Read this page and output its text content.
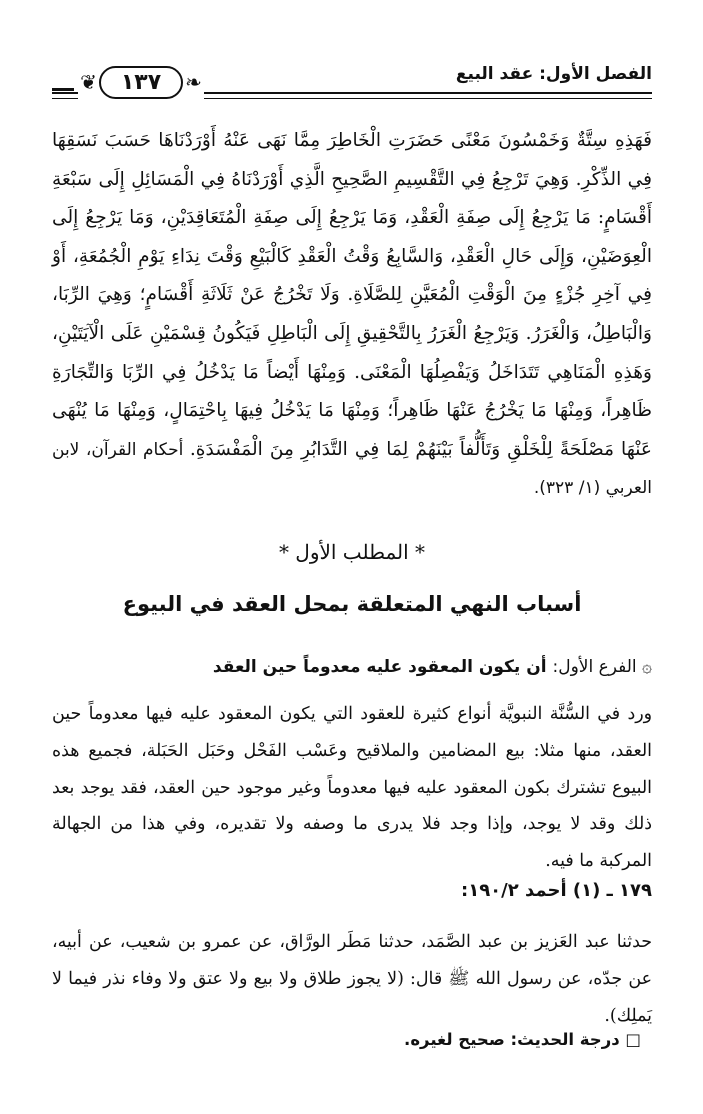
❦	١٣٧	❧	الفصل الأول: عقد البيع
فَهَذِهِ سِتَّةٌ وَخَمْسُونَ مَعْنًى حَضَرَتِ الْخَاطِرَ مِمَّا نَهَى عَنْهُ أَوْرَدْنَاهَا حَسَبَ نَسَقِهَا فِي الذِّكْرِ. وَهِيَ تَرْجِعُ فِي التَّقْسِيمِ الصَّحِيحِ الَّذِي أَوْرَدْنَاهُ فِي الْمَسَائِلِ إِلَى سَبْعَةِ أَقْسَامٍ: مَا يَرْجِعُ إِلَى صِفَةِ الْعَقْدِ، وَمَا يَرْجِعُ إِلَى صِفَةِ الْمُتَعَاقِدَيْنِ، وَمَا يَرْجِعُ إِلَى الْعِوَضَيْنِ، وَإِلَى حَالِ الْعَقْدِ، وَالسَّابِعُ وَقْتُ الْعَقْدِ كَالْبَيْعِ وَقْتَ نِدَاءِ يَوْمِ الْجُمُعَةِ، أَوْ فِي آخِرِ جُزْءٍ مِنَ الْوَقْتِ الْمُعَيَّنِ لِلصَّلَاةِ. وَلَا تَخْرُجُ عَنْ ثَلَاثَةِ أَقْسَامٍ؛ وَهِيَ الرِّبَا، وَالْبَاطِلُ، وَالْغَرَرُ. وَيَرْجِعُ الْغَرَرُ بِالتَّحْقِيقِ إِلَى الْبَاطِلِ فَيَكُونُ قِسْمَيْنِ عَلَى الْآيَتَيْنِ، وَهَذِهِ الْمَنَاهِي تَتَدَاخَلُ وَيَفْصِلُهَا الْمَعْنَى. وَمِنْهَا أَيْضاً مَا يَدْخُلُ فِي الرِّبَا وَالتِّجَارَةِ ظَاهِراً، وَمِنْهَا مَا يَخْرُجُ عَنْهَا ظَاهِراً؛ وَمِنْهَا مَا يَدْخُلُ فِيهَا بِاحْتِمَالٍ، وَمِنْهَا مَا يُنْهَى عَنْهَا مَصْلَحَةً لِلْخَلْقِ وَتَأَلُّفاً بَيْنَهُمْ لِمَا فِي التَّدَابُرِ مِنَ الْمَفْسَدَةِ. أحكام القرآن، لابن العربي (١/ ٣٢٣).
* المطلب الأول *
أسباب النهي المتعلقة بمحل العقد في البيوع
۞ الفرع الأول: أن يكون المعقود عليه معدوماً حين العقد
ورد في السُّنَّة النبويَّة أنواع كثيرة للعقود التي يكون المعقود عليه فيها معدوماً حين العقد، منها مثلا: بيع المضامين والملاقيح وعَسْب الفَحْل وحَبَل الحَبَلة، فجميع هذه البيوع تشترك بكون المعقود عليه فيها معدوماً وغير موجود حين العقد، فقد يوجد بعد ذلك وقد لا يوجد، وإذا وجد فلا يدرى ما وصفه ولا تقديره، وفي هذا من الجهالة المركبة ما فيه.
١٧٩ ـ (١) أحمد ١٩٠/٢:
حدثنا عبد العَزيز بن عبد الصَّمَد، حدثنا مَطَر الورَّاق، عن عمرو بن شعيب، عن أبيه، عن جدّه، عن رسول الله ﷺ قال: (لا يجوز طلاق ولا بيع ولا عتق ولا وفاء نذر فيما لا يَملِك).
□ درجة الحديث: صحيح لغيره.
